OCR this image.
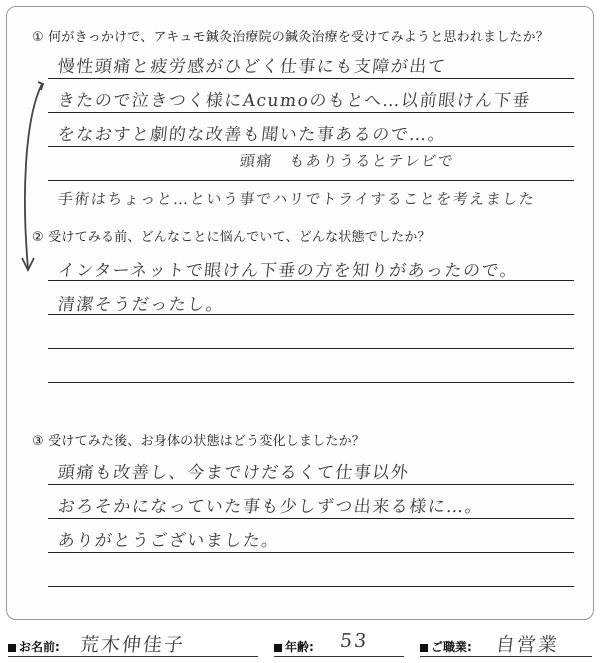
① 何がきっかけで、アキュモ鍼灸治療院の鍼灸治療を受けてみようと思われましたか？
慢性頭痛と疲労感がひどく仕事にも支障が出て
きたので泣きつく様にAcumoのもとへ…以前眼けん下垂
をなおすと劇的な改善も聞いた事あるので…。
頭痛　もありうるとテレビで
手術はちょっと…という事でハリでトライすることを考えました
② 受けてみる前、どんなことに悩んでいて、どんな状態でしたか？
インターネットで眼けん下垂の方を知りがあったので。
清潔そうだったし。
③ 受けてみた後、お身体の状態はどう変化しましたか？
頭痛も改善し、今までけだるくて仕事以外
おろそかになっていた事も少しずつ出来る様に…。
ありがとうございました。
お名前: 荒木伸佳子	年齢: 53	ご職業: 自営業
